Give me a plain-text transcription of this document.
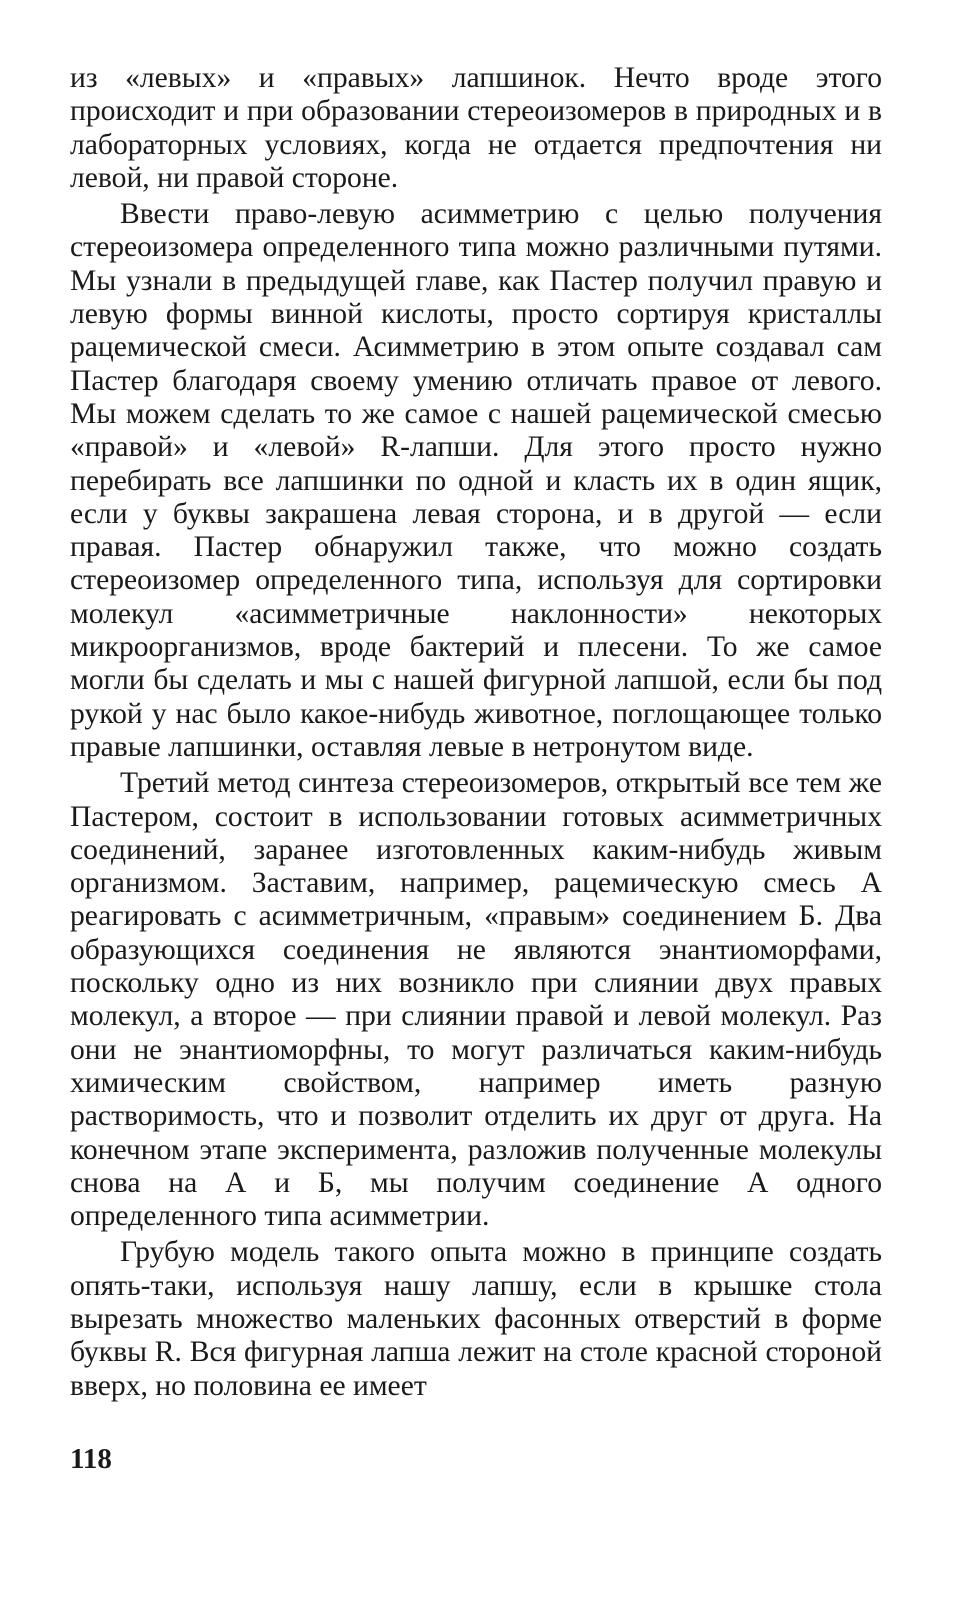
из «левых» и «правых» лапшинок. Нечто вроде этого происходит и при образовании стереоизомеров в природных и в лабораторных условиях, когда не отдается предпочтения ни левой, ни правой стороне.

Ввести право-левую асимметрию с целью получения стереоизомера определенного типа можно различными путями. Мы узнали в предыдущей главе, как Пастер получил правую и левую формы винной кислоты, просто сортируя кристаллы рацемической смеси. Асимметрию в этом опыте создавал сам Пастер благодаря своему умению отличать правое от левого. Мы можем сделать то же самое с нашей рацемической смесью «правой» и «левой» R-лапши. Для этого просто нужно перебирать все лапшинки по одной и класть их в один ящик, если у буквы закрашена левая сторона, и в другой — если правая. Пастер обнаружил также, что можно создать стереоизомер определенного типа, используя для сортировки молекул «асимметричные наклонности» некоторых микроорганизмов, вроде бактерий и плесени. То же самое могли бы сделать и мы с нашей фигурной лапшой, если бы под рукой у нас было какое-нибудь животное, поглощающее только правые лапшинки, оставляя левые в нетронутом виде.

Третий метод синтеза стереоизомеров, открытый все тем же Пастером, состоит в использовании готовых асимметричных соединений, заранее изготовленных каким-нибудь живым организмом. Заставим, например, рацемическую смесь А реагировать с асимметричным, «правым» соединением Б. Два образующихся соединения не являются энантиоморфами, поскольку одно из них возникло при слиянии двух правых молекул, а второе — при слиянии правой и левой молекул. Раз они не энантиоморфны, то могут различаться каким-нибудь химическим свойством, например иметь разную растворимость, что и позволит отделить их друг от друга. На конечном этапе эксперимента, разложив полученные молекулы снова на А и Б, мы получим соединение А одного определенного типа асимметрии.

Грубую модель такого опыта можно в принципе создать опять-таки, используя нашу лапшу, если в крышке стола вырезать множество маленьких фасонных отверстий в форме буквы R. Вся фигурная лапша лежит на столе красной стороной вверх, но половина ее имеет

118
